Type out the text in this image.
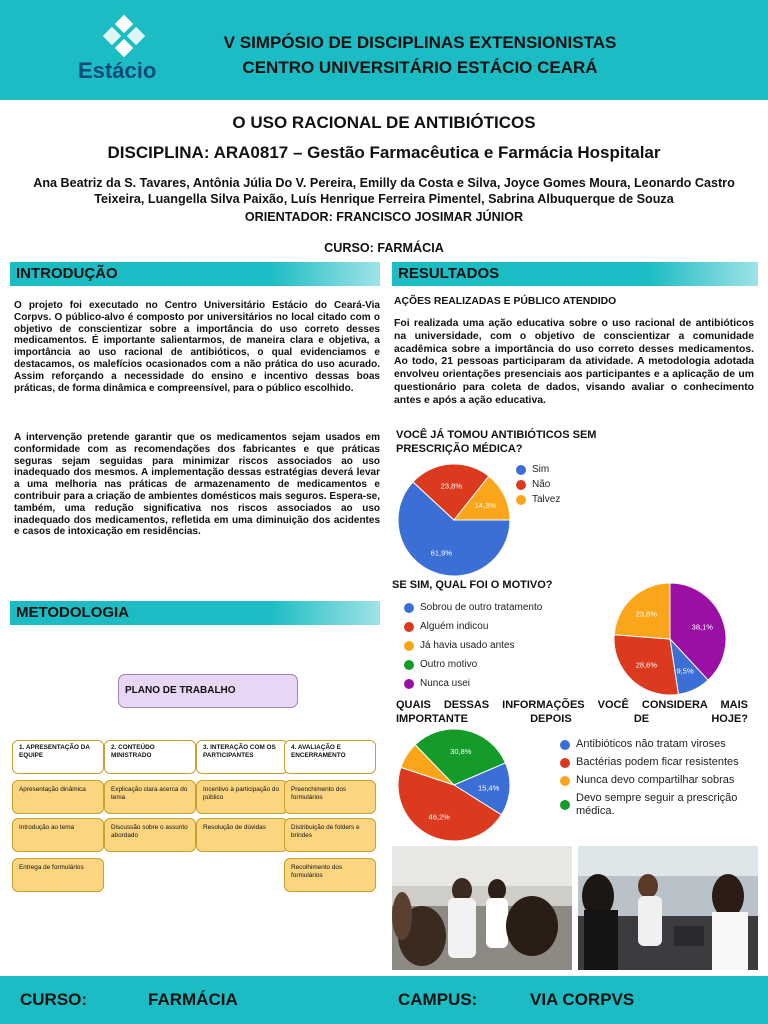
Estácio
V SIMPÓSIO DE DISCIPLINAS EXTENSIONISTAS
CENTRO UNIVERSITÁRIO ESTÁCIO CEARÁ
O USO RACIONAL DE ANTIBIÓTICOS
DISCIPLINA: ARA0817 – Gestão Farmacêutica e Farmácia Hospitalar
Ana Beatriz da S. Tavares, Antônia Júlia Do V. Pereira, Emilly da Costa e Silva, Joyce Gomes Moura, Leonardo Castro
Teixeira, Luangella Silva Paixão, Luís Henrique Ferreira Pimentel, Sabrina Albuquerque de Souza
ORIENTADOR: FRANCISCO JOSIMAR JÚNIOR
CURSO: FARMÁCIA
INTRODUÇÃO
O projeto foi executado no Centro Universitário Estácio do Ceará-Via Corpvs. O público-alvo é composto por universitários no local citado com o objetivo de conscientizar sobre a importância do uso correto desses medicamentos. É importante salientarmos, de maneira clara e objetiva, a importância ao uso racional de antibióticos, o qual evidenciamos e destacamos, os malefícios ocasionados com a não prática do uso acurado. Assim reforçando a necessidade do ensino e incentivo dessas boas práticas, de forma dinâmica e compreensível, para o público escolhido.
A intervenção pretende garantir que os medicamentos sejam usados em conformidade com as recomendações dos fabricantes e que práticas seguras sejam seguidas para minimizar riscos associados ao uso inadequado dos mesmos. A implementação dessas estratégias deverá levar a uma melhoria nas práticas de armazenamento de medicamentos e contribuir para a criação de ambientes domésticos mais seguros. Espera-se, também, uma redução significativa nos riscos associados ao uso inadequado dos medicamentos, refletida em uma diminuição dos acidentes e casos de intoxicação em residências.
METODOLOGIA
PLANO DE TRABALHO
1. APRESENTAÇÃO DA EQUIPE
2. CONTEÚDO MINISTRADO
3. INTERAÇÃO COM OS PARTICIPANTES
4. AVALIAÇÃO E ENCERRAMENTO
Apresentação dinâmica
Introdução ao tema
Entrega de formulários
Explicação clara acerca do tema
Discussão sobre o assunto abordado
Incentivo à participação do público
Resolução de dúvidas
Preenchimento dos formulários
Distribuição de folders e brindes
Recolhimento dos formulários
RESULTADOS
AÇÕES REALIZADAS E PÚBLICO ATENDIDO
Foi realizada uma ação educativa sobre o uso racional de antibióticos na universidade, com o objetivo de conscientizar a comunidade acadêmica sobre a importância do uso correto desses medicamentos. Ao todo, 21 pessoas participaram da atividade. A metodologia adotada envolveu orientações presenciais aos participantes e a aplicação de um questionário para coleta de dados, visando avaliar o conhecimento antes e após a ação educativa.
VOCÊ JÁ TOMOU ANTIBIÓTICOS SEM PRESCRIÇÃO MÉDICA?
61,9%
23,8%
14,3%
Sim
Não
Talvez
SE SIM, QUAL FOI O MOTIVO?
Sobrou de outro tratamento
Alguém indicou
Já havia usado antes
Outro motivo
Nunca usei
38,1%
9,5%
28,6%
23,8%
QUAIS DESSAS INFORMAÇÕES VOCÊ CONSIDERA MAIS IMPORTANTE DEPOIS DE HOJE?
30,8%
15,4%
46,2%
Antibióticos não tratam viroses
Bactérias podem ficar resistentes
Nunca devo compartilhar sobras
Devo sempre seguir a prescrição médica.
CURSO:	FARMÁCIA	CAMPUS:	VIA CORPVS
